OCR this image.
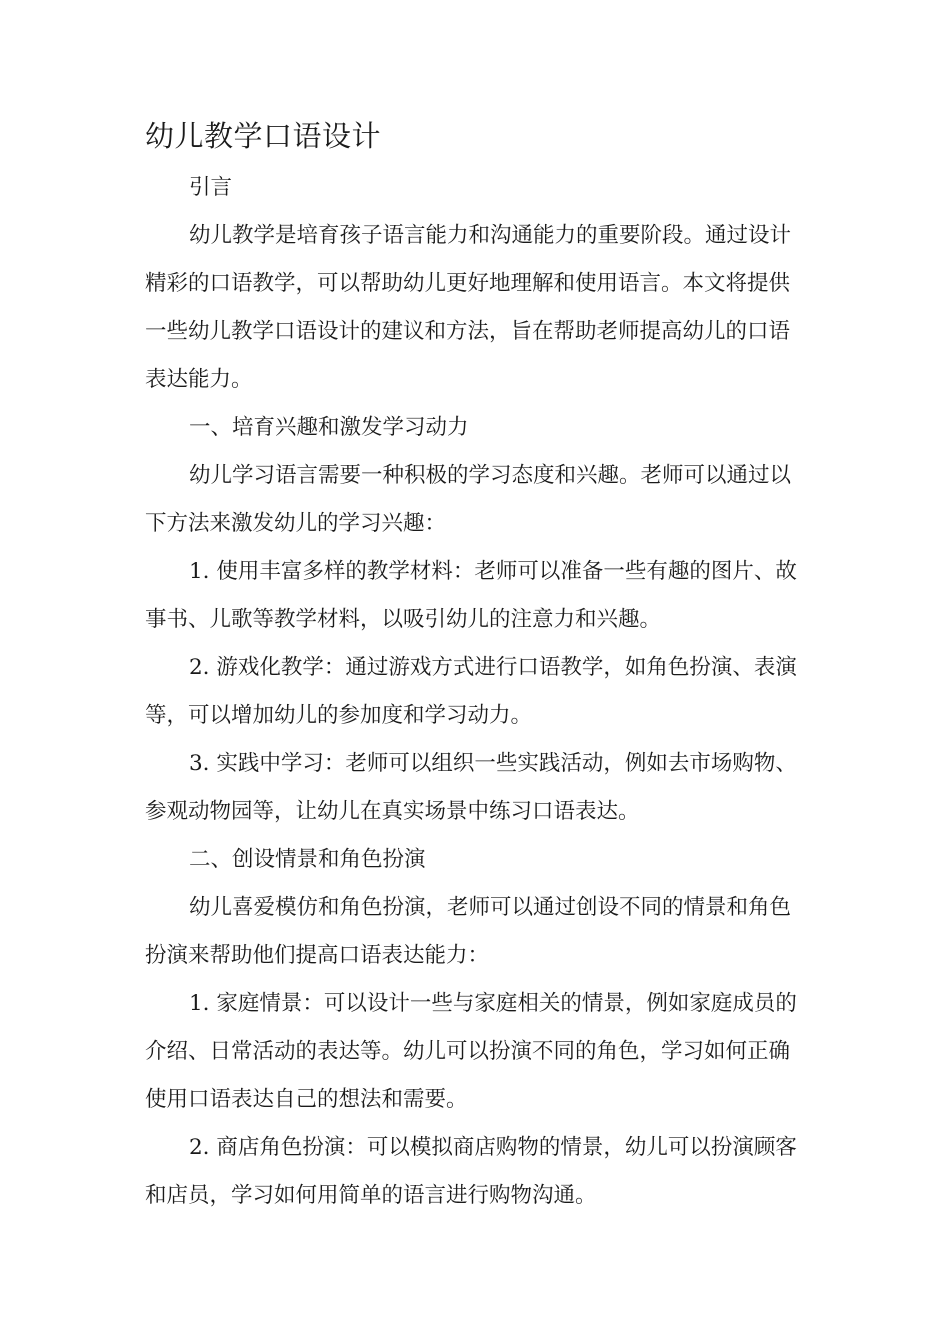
幼儿教学口语设计

引言

幼儿教学是培育孩子语言能力和沟通能力的重要阶段。通过设计精彩的口语教学，可以帮助幼儿更好地理解和使用语言。本文将提供一些幼儿教学口语设计的建议和方法，旨在帮助老师提高幼儿的口语表达能力。

一、培育兴趣和激发学习动力

幼儿学习语言需要一种积极的学习态度和兴趣。老师可以通过以下方法来激发幼儿的学习兴趣：

1. 使用丰富多样的教学材料：老师可以准备一些有趣的图片、故事书、儿歌等教学材料，以吸引幼儿的注意力和兴趣。

2. 游戏化教学：通过游戏方式进行口语教学，如角色扮演、表演等，可以增加幼儿的参加度和学习动力。

3. 实践中学习：老师可以组织一些实践活动，例如去市场购物、参观动物园等，让幼儿在真实场景中练习口语表达。

二、创设情景和角色扮演

幼儿喜爱模仿和角色扮演，老师可以通过创设不同的情景和角色扮演来帮助他们提高口语表达能力：

1. 家庭情景：可以设计一些与家庭相关的情景，例如家庭成员的介绍、日常活动的表达等。幼儿可以扮演不同的角色，学习如何正确使用口语表达自己的想法和需要。

2. 商店角色扮演：可以模拟商店购物的情景，幼儿可以扮演顾客和店员，学习如何用简单的语言进行购物沟通。
